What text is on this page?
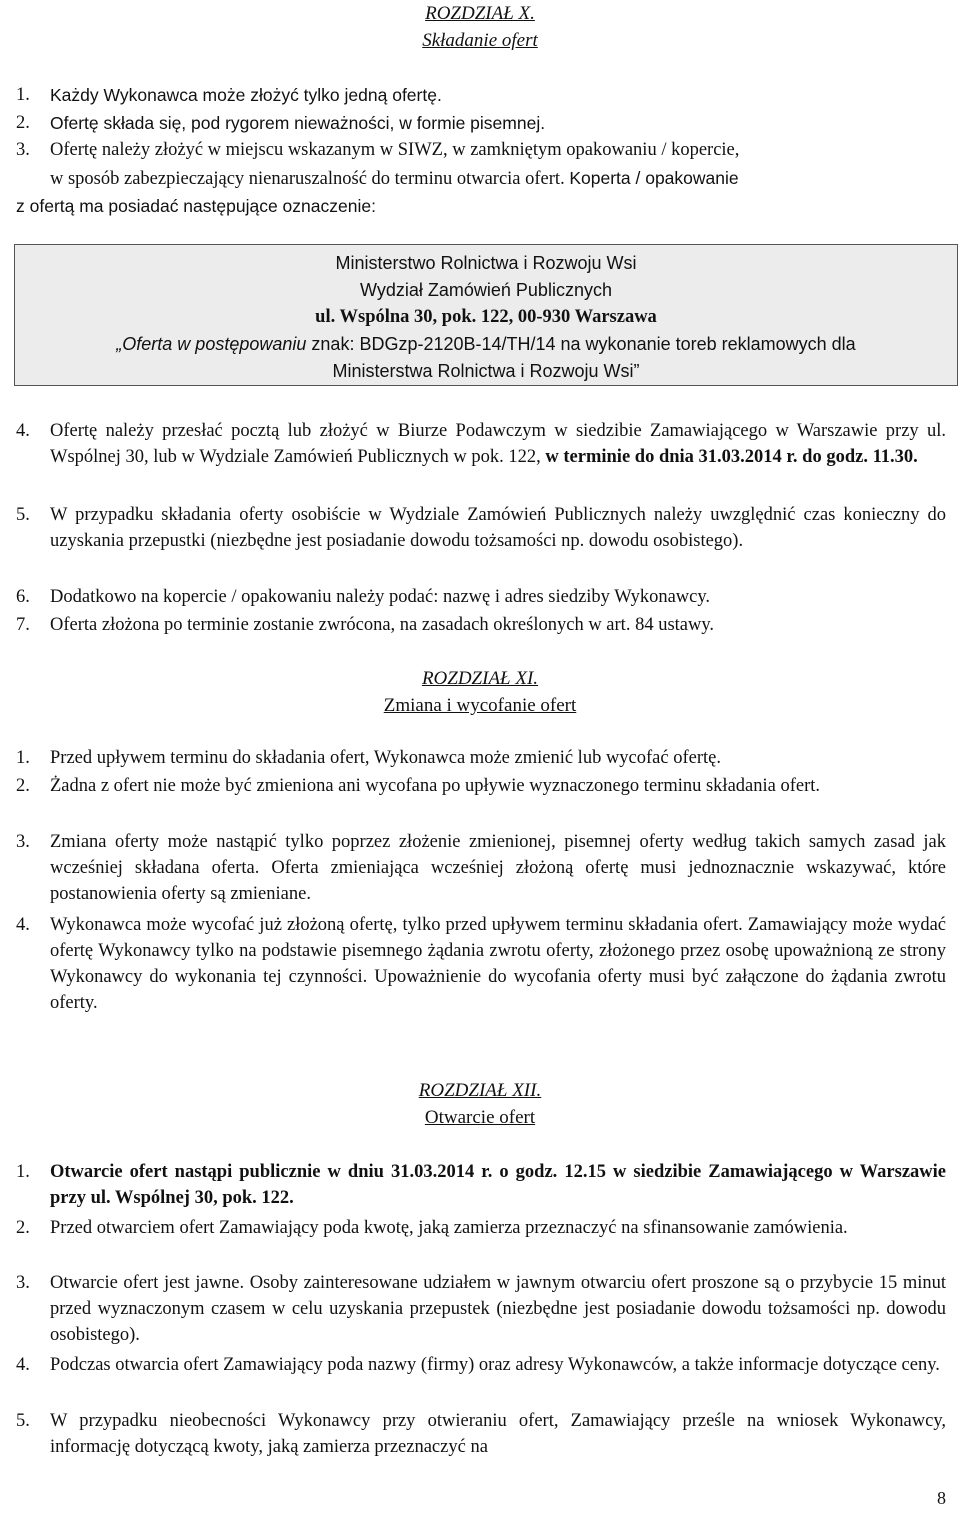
ROZDZIAŁ X.
Składanie ofert
1.	Każdy Wykonawca może złożyć tylko jedną ofertę.
2.	Ofertę składa się, pod rygorem nieważności, w formie pisemnej.
3.	Ofertę należy złożyć w miejscu wskazanym w SIWZ, w zamkniętym opakowaniu / kopercie,
w sposób zabezpieczający nienaruszalność do terminu otwarcia ofert. Koperta / opakowanie
z ofertą ma posiadać następujące oznaczenie:
Ministerstwo Rolnictwa i Rozwoju Wsi
Wydział Zamówień Publicznych
ul. Wspólna 30, pok. 122, 00-930 Warszawa
„Oferta w postępowaniu znak: BDGzp-2120B-14/TH/14 na wykonanie toreb reklamowych dla
Ministerstwa Rolnictwa i Rozwoju Wsi”
4.	Ofertę należy przesłać pocztą lub złożyć w Biurze Podawczym w siedzibie Zamawiającego w Warszawie przy ul. Wspólnej 30, lub w Wydziale Zamówień Publicznych w pok. 122, w terminie do dnia 31.03.2014 r. do godz. 11.30.
5.	W przypadku składania oferty osobiście w Wydziale Zamówień Publicznych należy uwzględnić czas konieczny do uzyskania przepustki (niezbędne jest posiadanie dowodu tożsamości np. dowodu osobistego).
6.	Dodatkowo na kopercie / opakowaniu należy podać: nazwę i adres siedziby Wykonawcy.
7.	Oferta złożona po terminie zostanie zwrócona, na zasadach określonych w art. 84 ustawy.
ROZDZIAŁ XI.
Zmiana i wycofanie ofert
1.	Przed upływem terminu do składania ofert, Wykonawca może zmienić lub wycofać ofertę.
2.	Żadna z ofert nie może być zmieniona ani wycofana po upływie wyznaczonego terminu składania ofert.
3.	Zmiana oferty może nastąpić tylko poprzez złożenie zmienionej, pisemnej oferty według takich samych zasad jak wcześniej składana oferta. Oferta zmieniająca wcześniej złożoną ofertę musi jednoznacznie wskazywać, które postanowienia oferty są zmieniane.
4.	Wykonawca może wycofać już złożoną ofertę, tylko przed upływem terminu składania ofert. Zamawiający może wydać ofertę Wykonawcy tylko na podstawie pisemnego żądania zwrotu oferty, złożonego przez osobę upoważnioną ze strony Wykonawcy do wykonania tej czynności. Upoważnienie do wycofania oferty musi być załączone do żądania zwrotu oferty.
ROZDZIAŁ XII.
Otwarcie ofert
1.	Otwarcie ofert nastąpi publicznie w dniu 31.03.2014 r. o godz. 12.15 w siedzibie Zamawiającego w Warszawie przy ul. Wspólnej 30, pok. 122.
2.	Przed otwarciem ofert Zamawiający poda kwotę, jaką zamierza przeznaczyć na sfinansowanie zamówienia.
3.	Otwarcie ofert jest jawne. Osoby zainteresowane udziałem w jawnym otwarciu ofert proszone są o przybycie 15 minut przed wyznaczonym czasem w celu uzyskania przepustek (niezbędne jest posiadanie dowodu tożsamości np. dowodu osobistego).
4.	Podczas otwarcia ofert Zamawiający poda nazwy (firmy) oraz adresy Wykonawców, a także informacje dotyczące ceny.
5.	W przypadku nieobecności Wykonawcy przy otwieraniu ofert, Zamawiający prześle na wniosek Wykonawcy, informację dotyczącą kwoty, jaką zamierza przeznaczyć na
8
